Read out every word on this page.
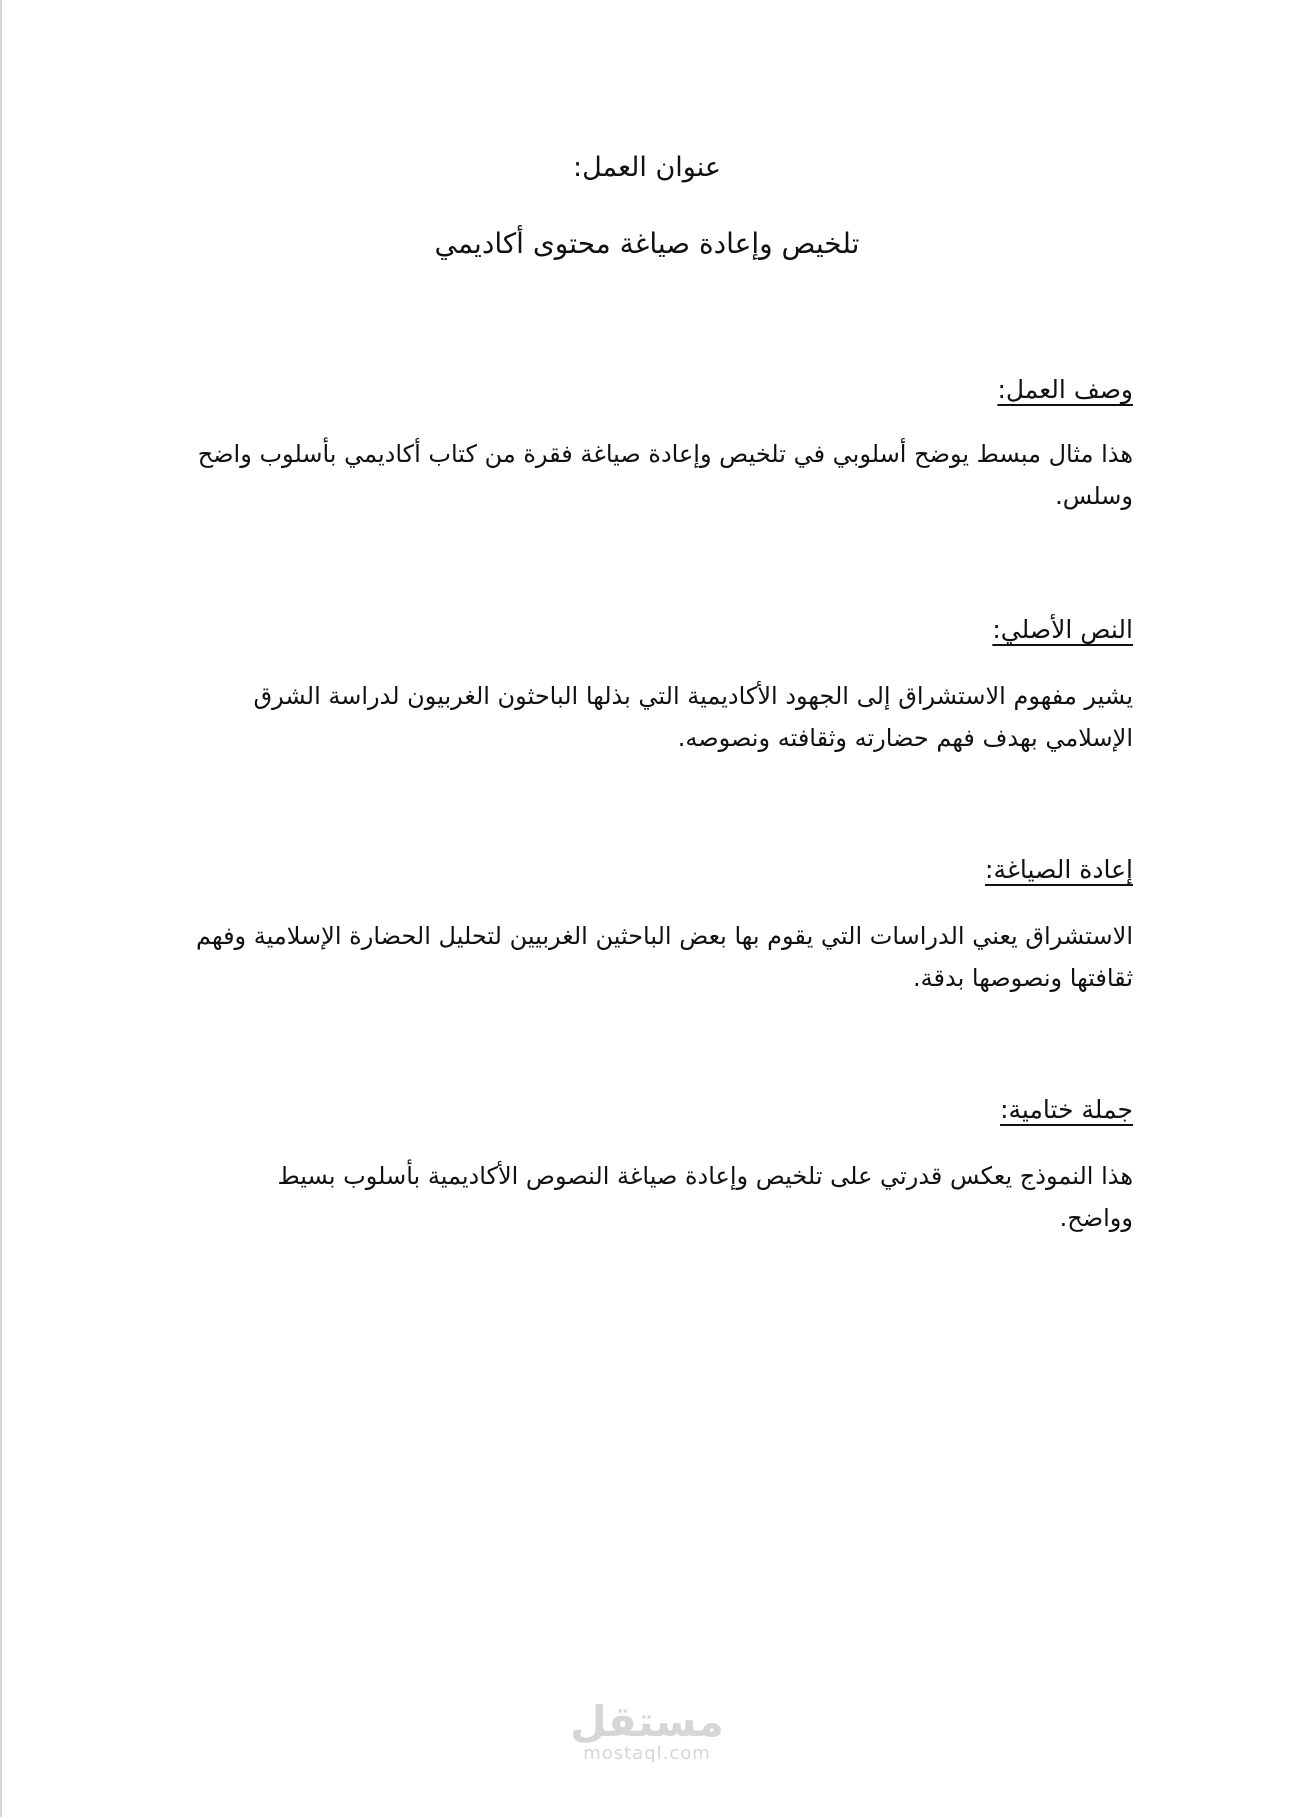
عنوان العمل:
تلخيص وإعادة صياغة محتوى أكاديمي
وصف العمل:
هذا مثال مبسط يوضح أسلوبي في تلخيص وإعادة صياغة فقرة من كتاب أكاديمي بأسلوب واضح وسلس.
النص الأصلي:
يشير مفهوم الاستشراق إلى الجهود الأكاديمية التي بذلها الباحثون الغربيون لدراسة الشرق الإسلامي بهدف فهم حضارته وثقافته ونصوصه.
إعادة الصياغة:
الاستشراق يعني الدراسات التي يقوم بها بعض الباحثين الغربيين لتحليل الحضارة الإسلامية وفهم ثقافتها ونصوصها بدقة.
جملة ختامية:
هذا النموذج يعكس قدرتي على تلخيص وإعادة صياغة النصوص الأكاديمية بأسلوب بسيط وواضح.
مستقل
mostaql.com
